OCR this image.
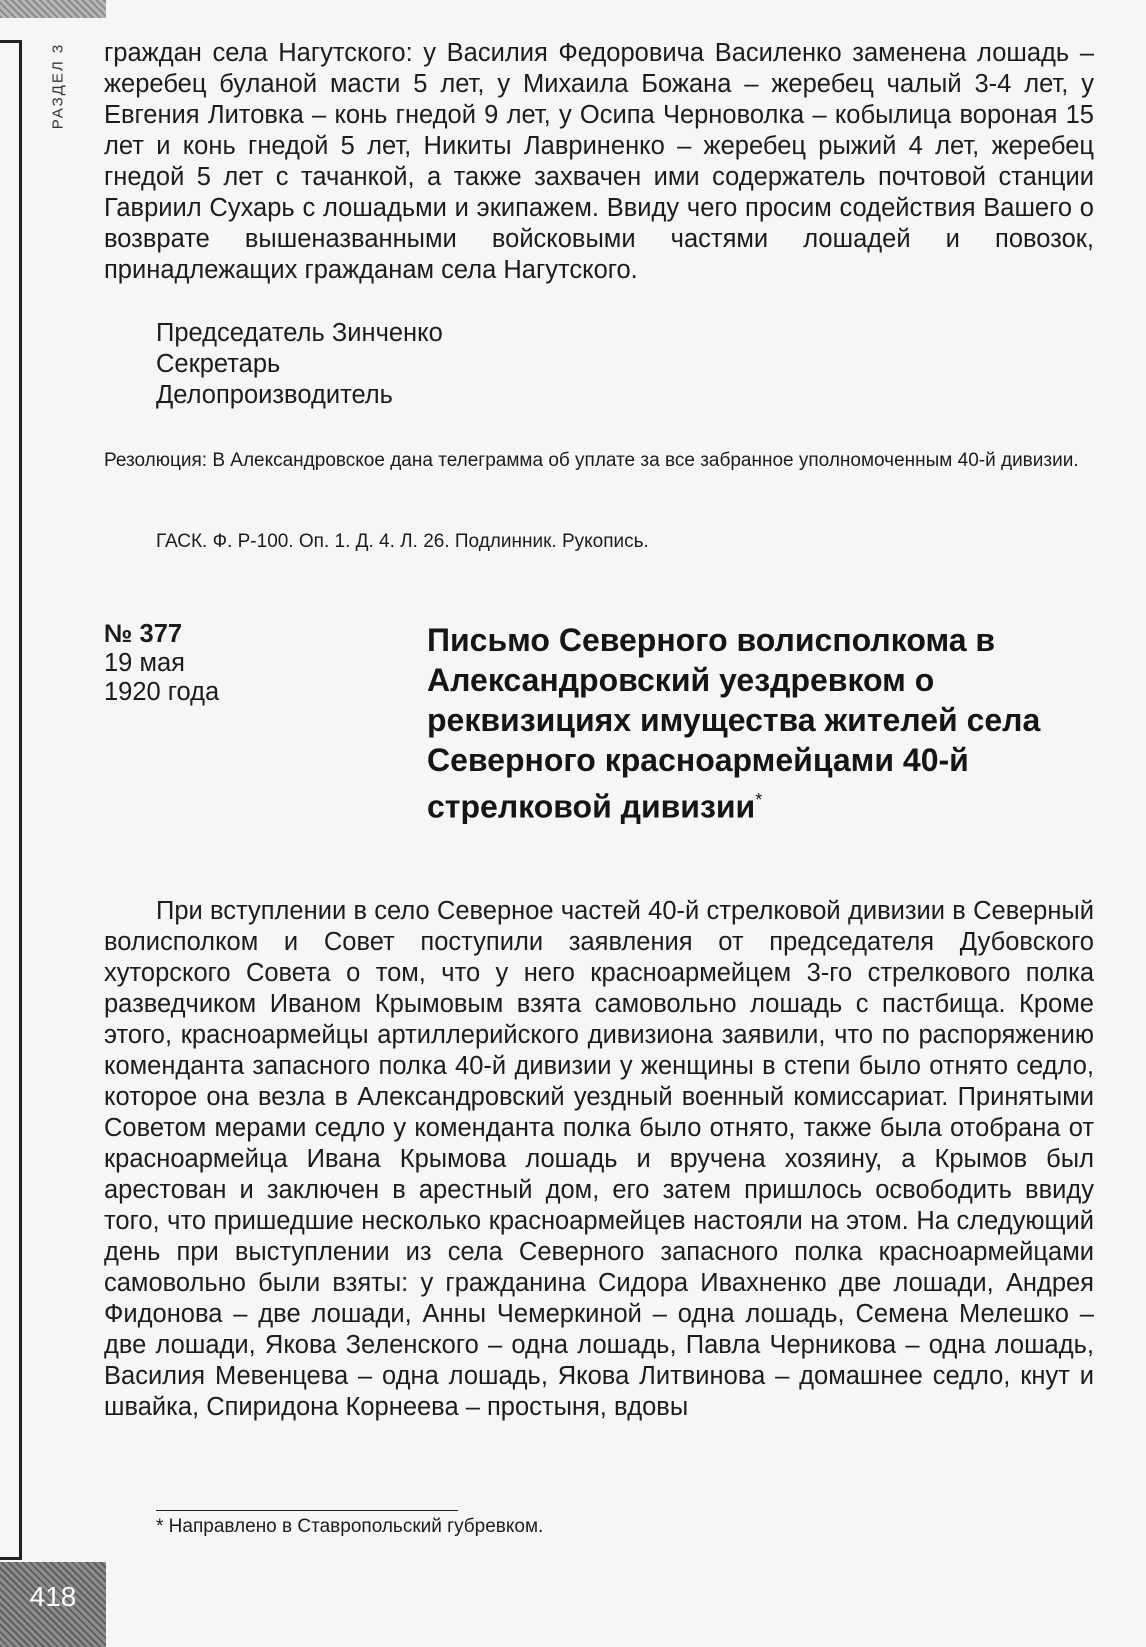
РАЗДЕЛ 3 граждан села Нагутского: у Василия Федоровича Василенко заменена лошадь – жеребец буланой масти 5 лет, у Михаила Божана – жеребец чалый 3-4 лет, у Евгения Литовка – конь гнедой 9 лет, у Осипа Черноволка – кобылица вороная 15 лет и конь гнедой 5 лет, Никиты Лавриненко – жеребец рыжий 4 лет, жеребец гнедой 5 лет с тачанкой, а также захвачен ими содержатель почтовой станции Гавриил Сухарь с лошадьми и экипажем. Ввиду чего просим содействия Вашего о возврате вышеназванными войсковыми частями лошадей и повозок, принадлежащих гражданам села Нагутского.

Председатель Зинченко
Секретарь
Делопроизводитель

Резолюция: В Александровское дана телеграмма об уплате за все забранное уполномоченным 40-й дивизии.

ГАСК. Ф. Р-100. Оп. 1. Д. 4. Л. 26. Подлинник. Рукопись.
№ 377
19 мая
1920 года
Письмо Северного волисполкома в Александровский уездревком о реквизициях имущества жителей села Северного красноармейцами 40-й стрелковой дивизии*

При вступлении в село Северное частей 40-й стрелковой дивизии в Северный волисполком и Совет поступили заявления от председателя Дубовского хуторского Совета о том, что у него красноармейцем 3-го стрелкового полка разведчиком Иваном Крымовым взята самовольно лошадь с пастбища. Кроме этого, красноармейцы артиллерийского дивизиона заявили, что по распоряжению коменданта запасного полка 40-й дивизии у женщины в степи было отнято седло, которое она везла в Александровский уездный военный комиссариат. Принятыми Советом мерами седло у коменданта полка было отнято, также была отобрана от красноармейца Ивана Крымова лошадь и вручена хозяину, а Крымов был арестован и заключен в арестный дом, его затем пришлось освободить ввиду того, что пришедшие несколько красноармейцев настояли на этом. На следующий день при выступлении из села Северного запасного полка красноармейцами самовольно были взяты: у гражданина Сидора Ивахненко две лошади, Андрея Фидонова – две лошади, Анны Чемеркиной – одна лошадь, Семена Мелешко – две лошади, Якова Зеленского – одна лошадь, Павла Черникова – одна лошадь, Василия Мевенцева – одна лошадь, Якова Литвинова – домашнее седло, кнут и швайка, Спиридона Корнеева – простыня, вдовы

* Направлено в Ставропольский губревком.
418
